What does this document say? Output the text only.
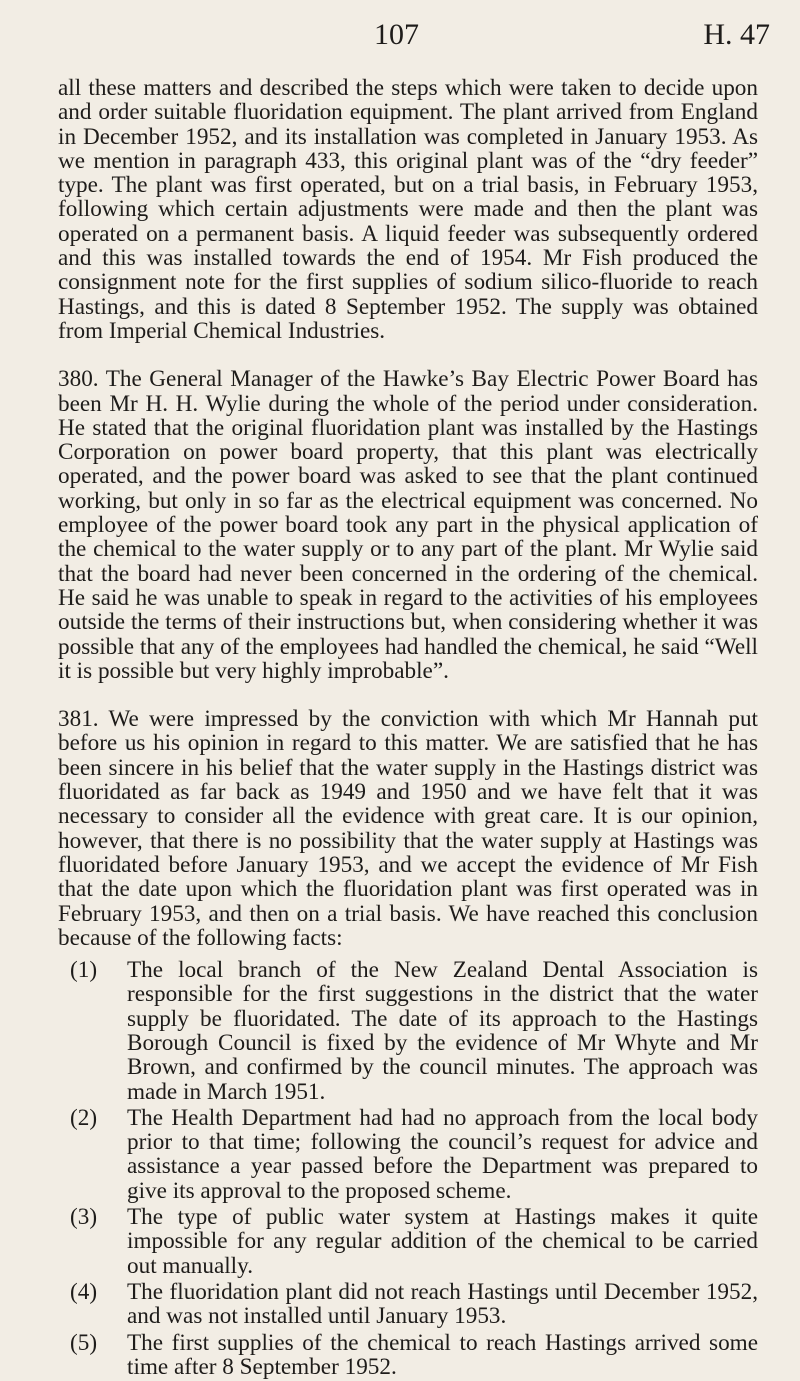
107	H. 47

all these matters and described the steps which were taken to decide upon and order suitable fluoridation equipment. The plant arrived from England in December 1952, and its installation was completed in January 1953. As we mention in paragraph 433, this original plant was of the “dry feeder” type. The plant was first operated, but on a trial basis, in February 1953, following which certain adjustments were made and then the plant was operated on a permanent basis. A liquid feeder was subsequently ordered and this was installed towards the end of 1954. Mr Fish produced the consignment note for the first supplies of sodium silico-fluoride to reach Hastings, and this is dated 8 September 1952. The supply was obtained from Imperial Chemical Industries.

380. The General Manager of the Hawke’s Bay Electric Power Board has been Mr H. H. Wylie during the whole of the period under consideration. He stated that the original fluoridation plant was installed by the Hastings Corporation on power board property, that this plant was electrically operated, and the power board was asked to see that the plant continued working, but only in so far as the electrical equipment was concerned. No employee of the power board took any part in the physical application of the chemical to the water supply or to any part of the plant. Mr Wylie said that the board had never been concerned in the ordering of the chemical. He said he was unable to speak in regard to the activities of his employees outside the terms of their instructions but, when considering whether it was possible that any of the employees had handled the chemical, he said “Well it is possible but very highly improbable”.

381. We were impressed by the conviction with which Mr Hannah put before us his opinion in regard to this matter. We are satisfied that he has been sincere in his belief that the water supply in the Hastings district was fluoridated as far back as 1949 and 1950 and we have felt that it was necessary to consider all the evidence with great care. It is our opinion, however, that there is no possibility that the water supply at Hastings was fluoridated before January 1953, and we accept the evidence of Mr Fish that the date upon which the fluoridation plant was first operated was in February 1953, and then on a trial basis. We have reached this conclusion because of the following facts:

(1) The local branch of the New Zealand Dental Association is responsible for the first suggestions in the district that the water supply be fluoridated. The date of its approach to the Hastings Borough Council is fixed by the evidence of Mr Whyte and Mr Brown, and confirmed by the council minutes. The approach was made in March 1951.
(2) The Health Department had had no approach from the local body prior to that time; following the council’s request for advice and assistance a year passed before the Department was prepared to give its approval to the proposed scheme.
(3) The type of public water system at Hastings makes it quite impossible for any regular addition of the chemical to be carried out manually.
(4) The fluoridation plant did not reach Hastings until December 1952, and was not installed until January 1953.
(5) The first supplies of the chemical to reach Hastings arrived some time after 8 September 1952.
